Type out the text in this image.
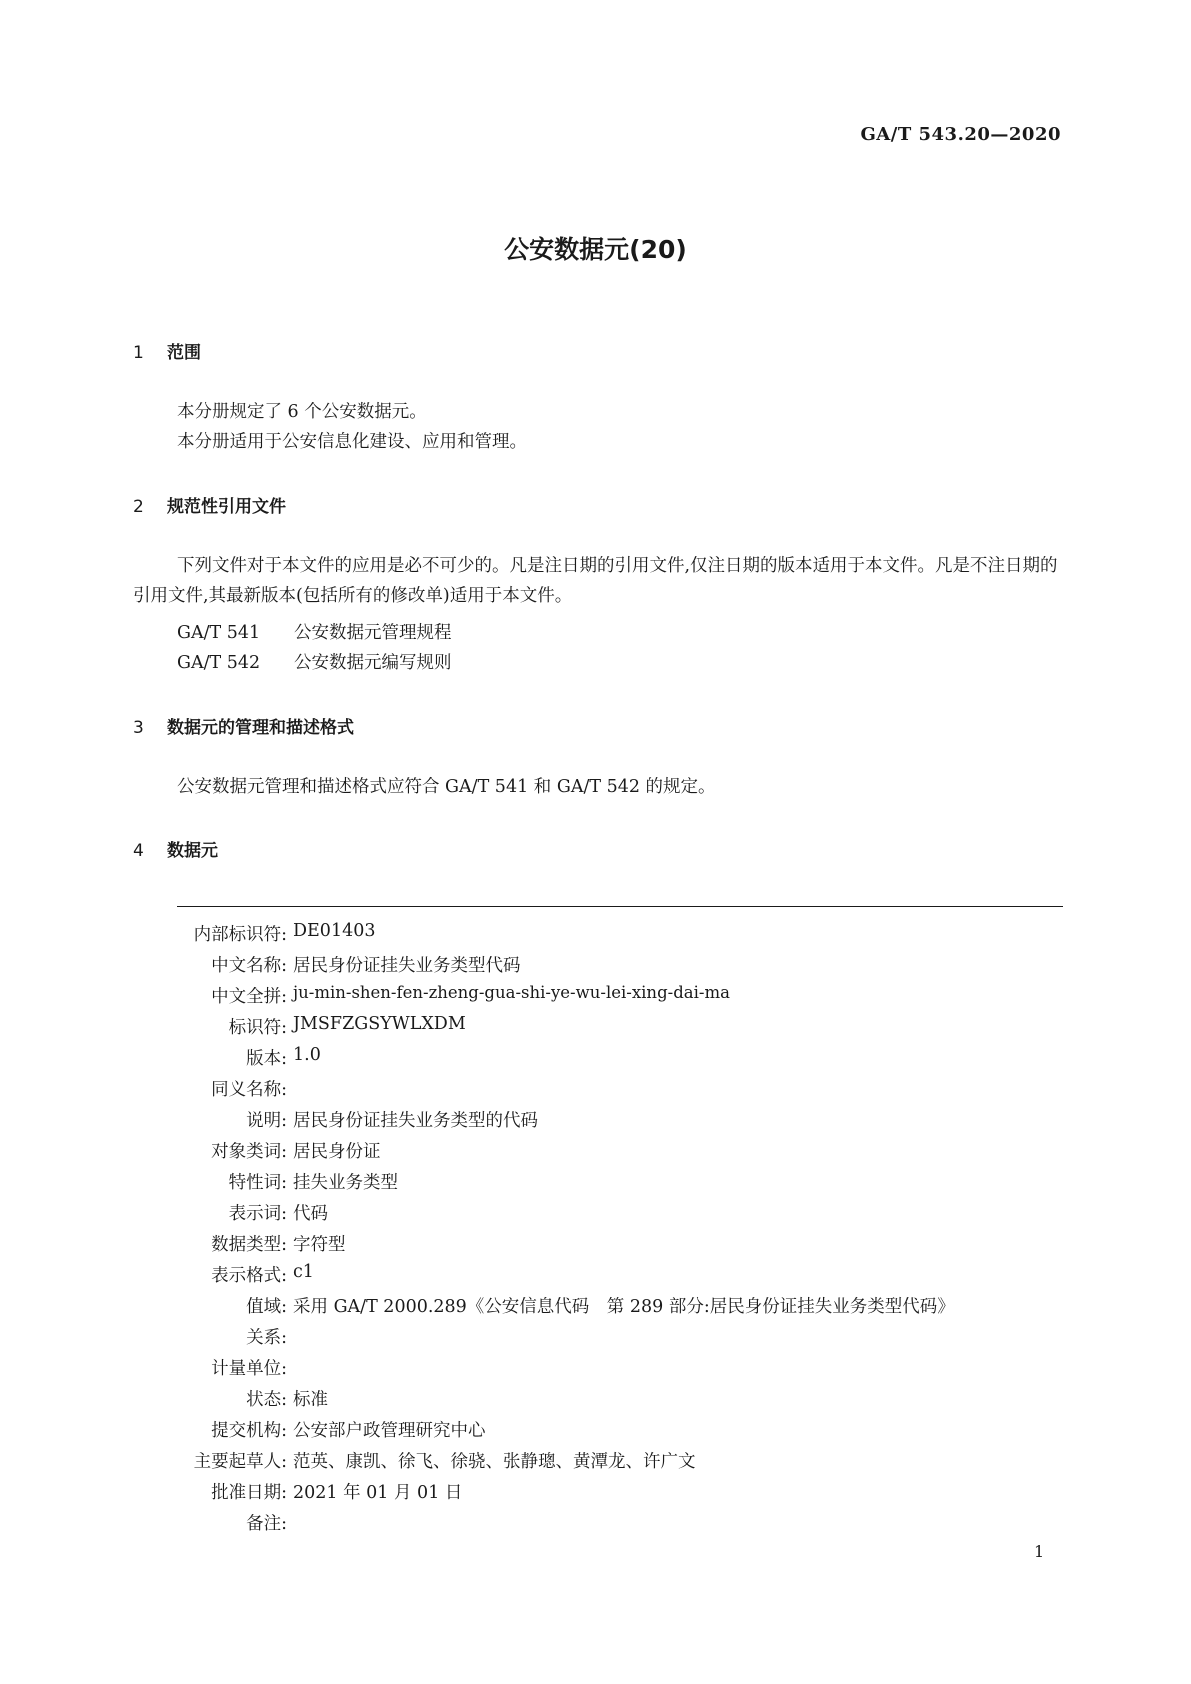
GA/T 543.20—2020
公安数据元(20)
1 范围
本分册规定了 6 个公安数据元。
本分册适用于公安信息化建设、应用和管理。
2 规范性引用文件
下列文件对于本文件的应用是必不可少的。凡是注日期的引用文件,仅注日期的版本适用于本文件。凡是不注日期的引用文件,其最新版本(包括所有的修改单)适用于本文件。
GA/T 541 公安数据元管理规程
GA/T 542 公安数据元编写规则
3 数据元的管理和描述格式
公安数据元管理和描述格式应符合 GA/T 541 和 GA/T 542 的规定。
4 数据元
内部标识符: DE01403
中文名称: 居民身份证挂失业务类型代码
中文全拼: ju-min-shen-fen-zheng-gua-shi-ye-wu-lei-xing-dai-ma
标识符: JMSFZGSYWLXDM
版本: 1.0
同义名称:
说明: 居民身份证挂失业务类型的代码
对象类词: 居民身份证
特性词: 挂失业务类型
表示词: 代码
数据类型: 字符型
表示格式: c1
值域: 采用 GA/T 2000.289《公安信息代码　第 289 部分:居民身份证挂失业务类型代码》
关系:
计量单位:
状态: 标准
提交机构: 公安部户政管理研究中心
主要起草人: 范英、康凯、徐飞、徐骁、张静璁、黄潭龙、许广文
批准日期: 2021 年 01 月 01 日
备注:
1
